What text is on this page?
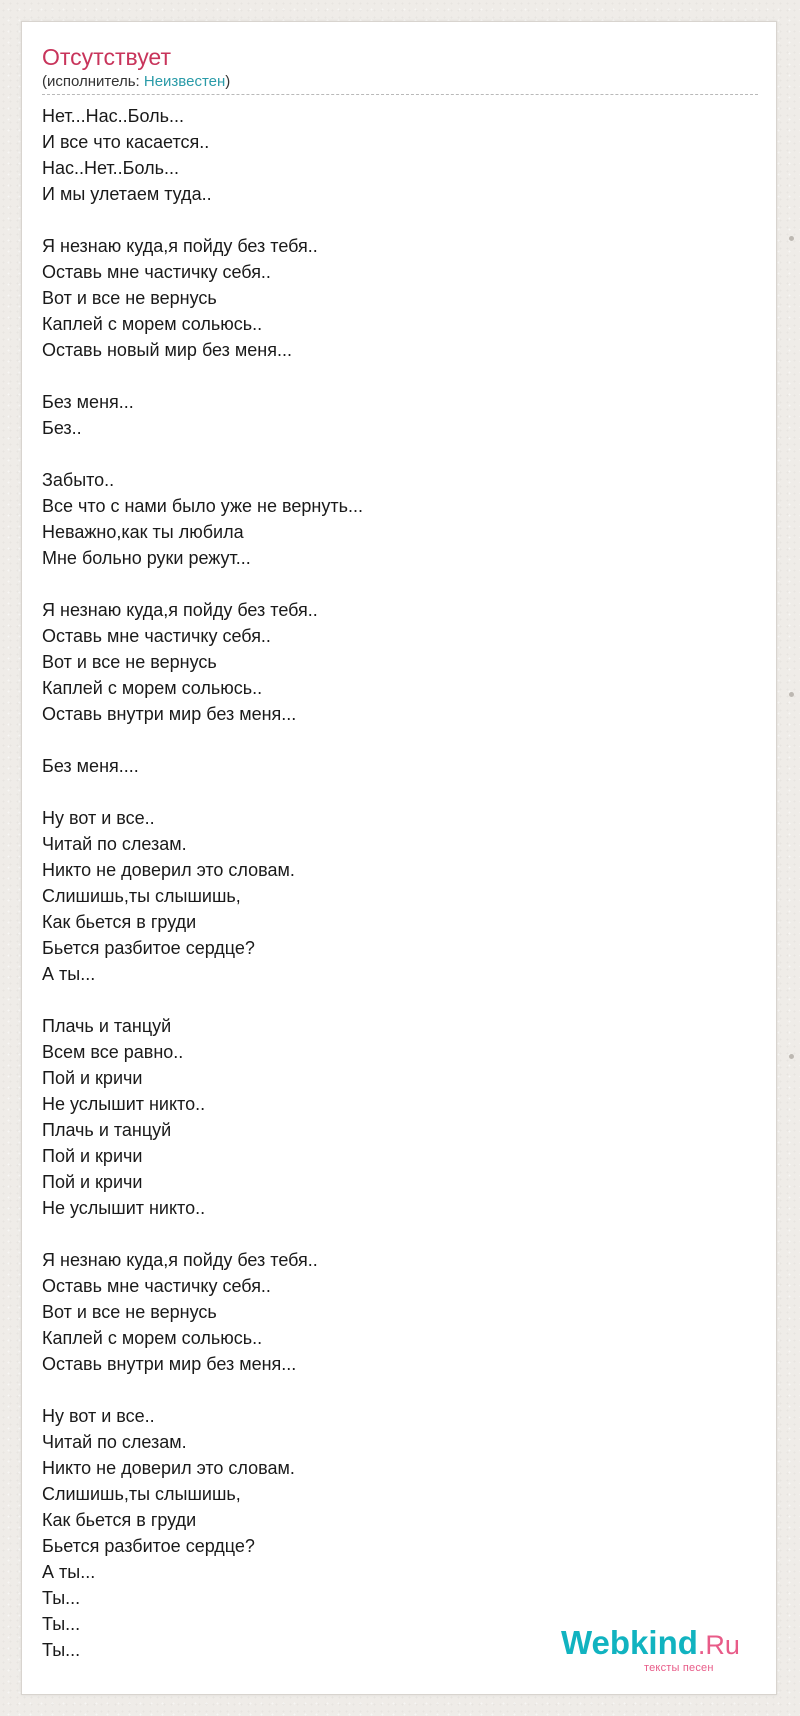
Отсутствует
(исполнитель: Неизвестен)
Нет...Нас..Боль...
И все что касается..
Нас..Нет..Боль...
И мы улетаем туда..
Я незнаю куда,я пойду без тебя..
Оставь мне частичку себя..
Вот и все не вернусь
Каплей с морем сольюсь..
Оставь новый мир без меня...
Без меня...
Без..
Забыто..
Все что с нами было уже не вернуть...
Неважно,как ты любила
Мне больно руки режут...
Я незнаю куда,я пойду без тебя..
Оставь мне частичку себя..
Вот и все не вернусь
Каплей с морем сольюсь..
Оставь внутри мир без меня...
Без меня....
Ну вот и все..
Читай по слезам.
Никто не доверил это словам.
Слишишь,ты слышишь,
Как бьется в груди
Бьется разбитое сердце?
А ты...
Плачь и танцуй
Всем все равно..
Пой и кричи
Не услышит никто..
Плачь и танцуй
Пой и кричи
Пой и кричи
Не услышит никто..
Я незнаю куда,я пойду без тебя..
Оставь мне частичку себя..
Вот и все не вернусь
Каплей с морем сольюсь..
Оставь внутри мир без меня...
Ну вот и все..
Читай по слезам.
Никто не доверил это словам.
Слишишь,ты слышишь,
Как бьется в груди
Бьется разбитое сердце?
А ты...
Ты...
Ты...
Ты...	Webkind.Ru
тексты песен
